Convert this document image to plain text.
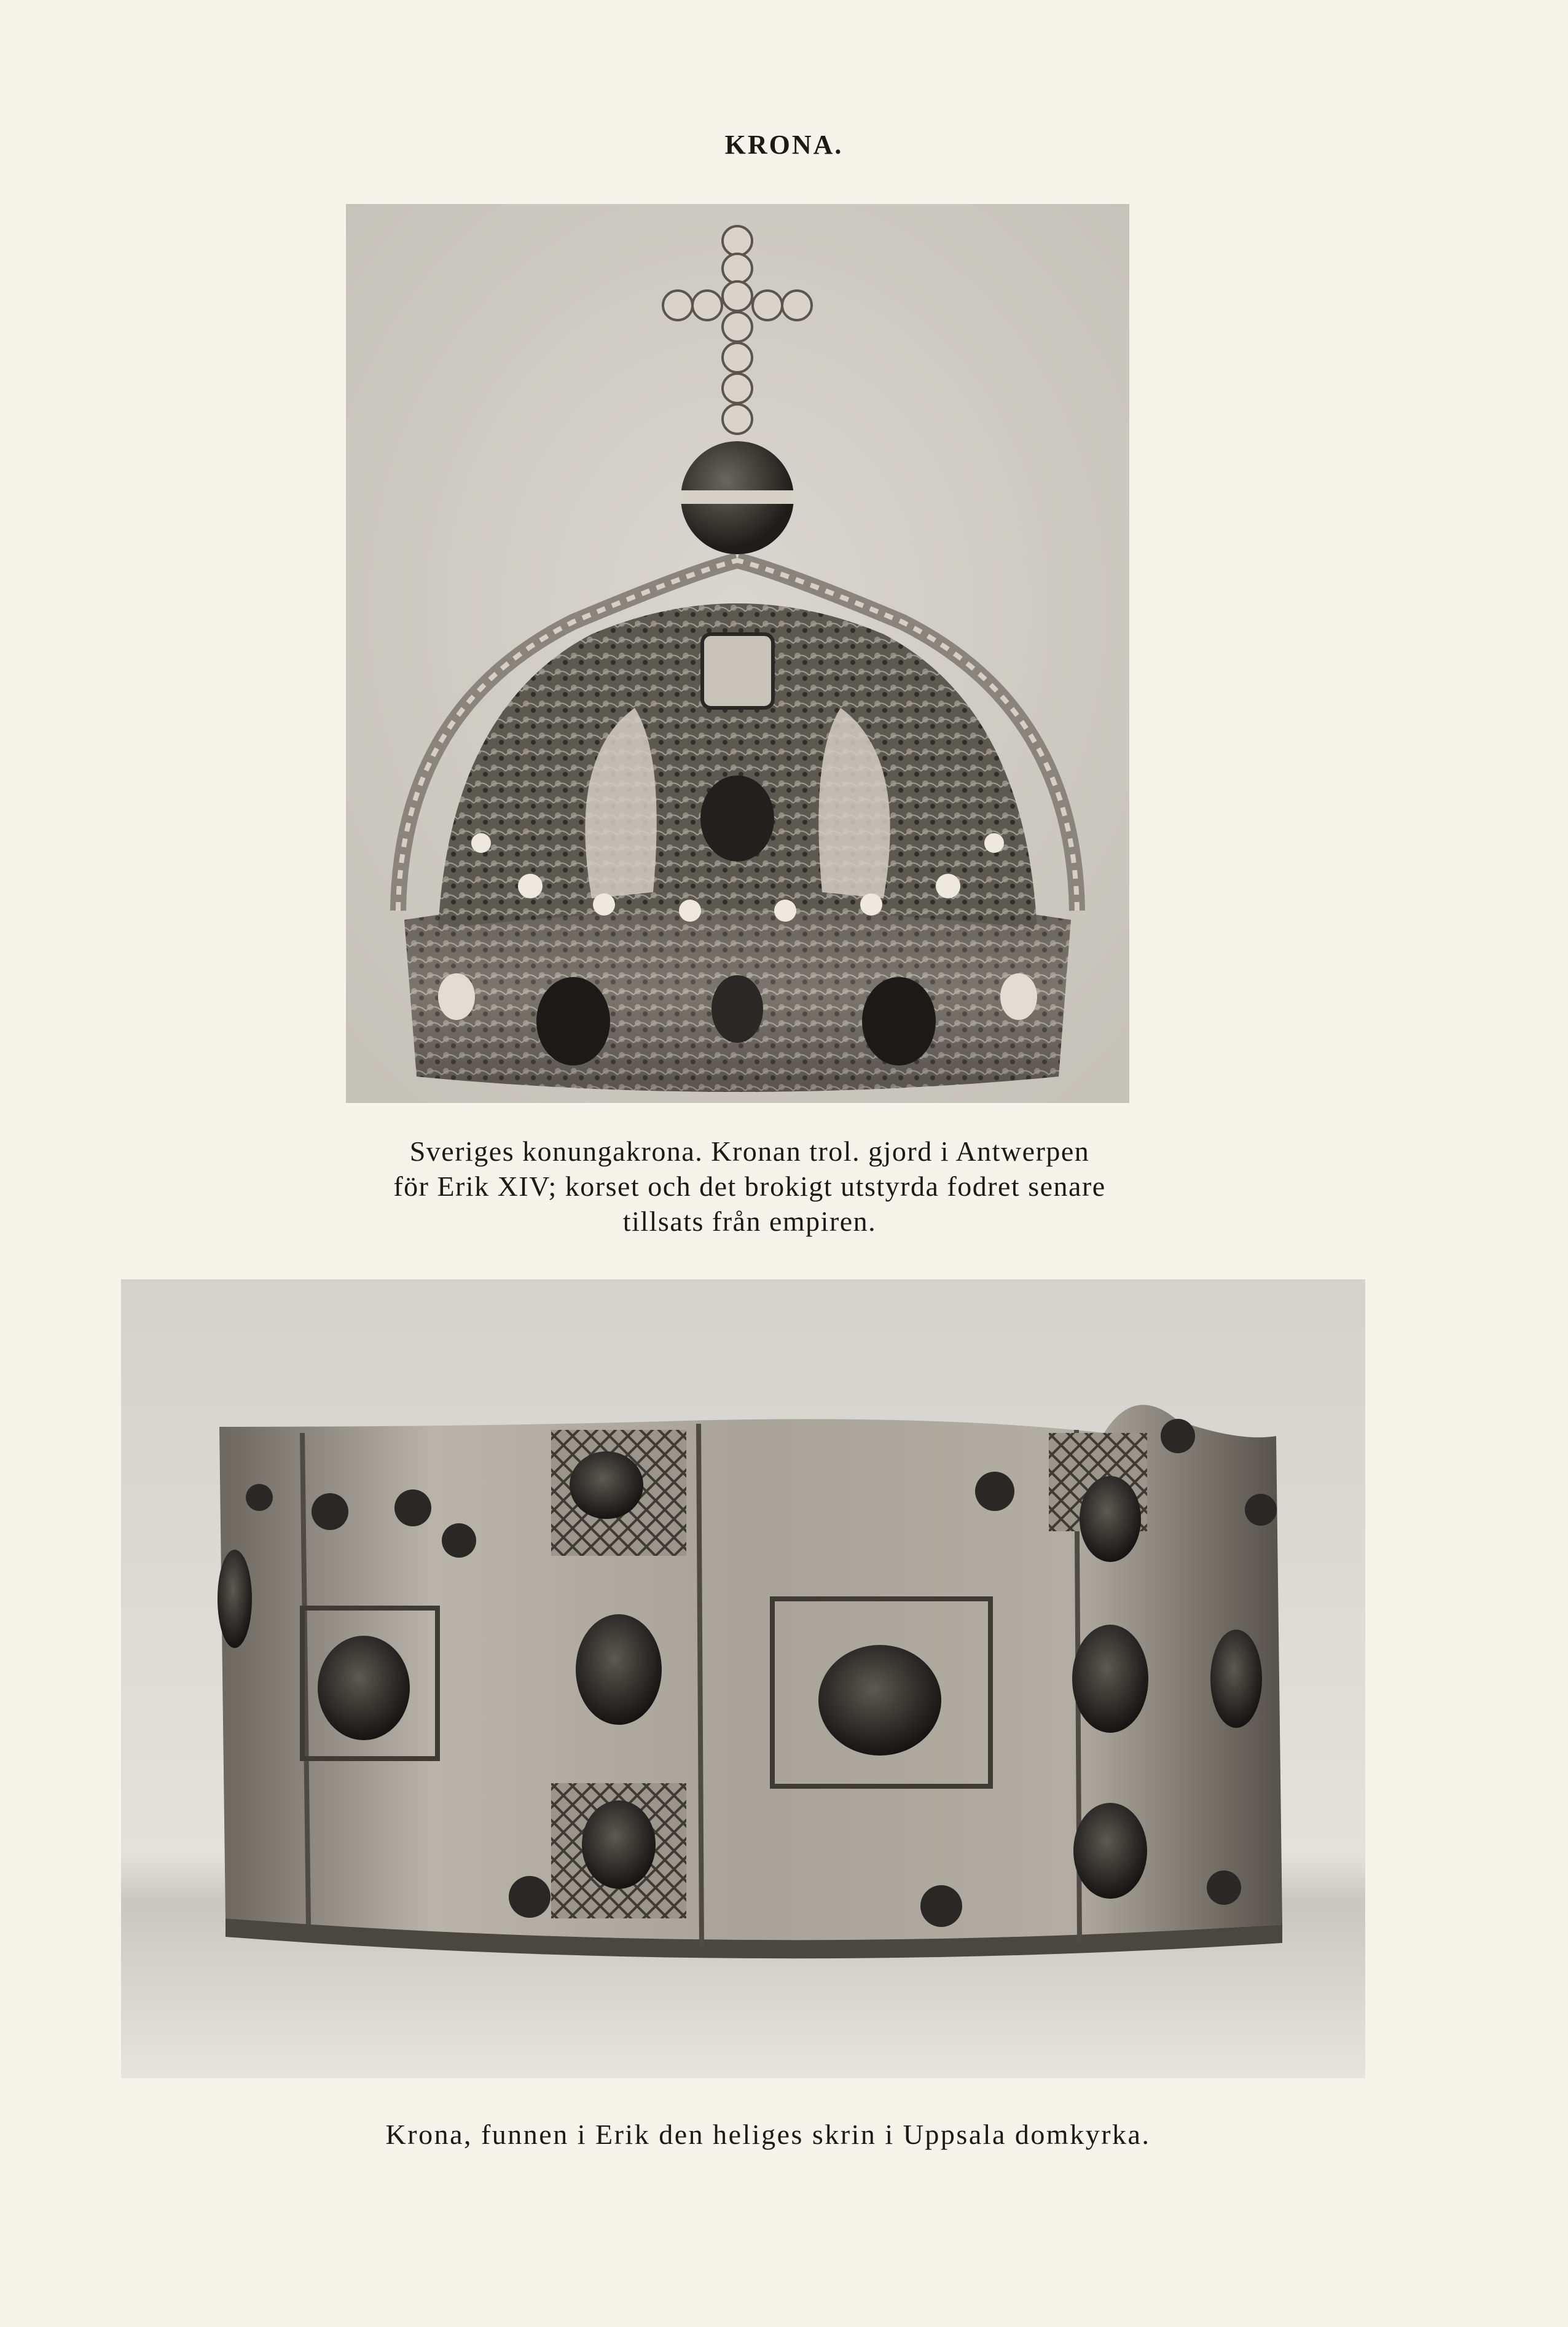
KRONA.
Sveriges konungakrona. Kronan trol. gjord i Antwerpen
för Erik XIV; korset och det brokigt utstyrda fodret senare
tillsats från empiren.
Krona, funnen i Erik den heliges skrin i Uppsala domkyrka.
